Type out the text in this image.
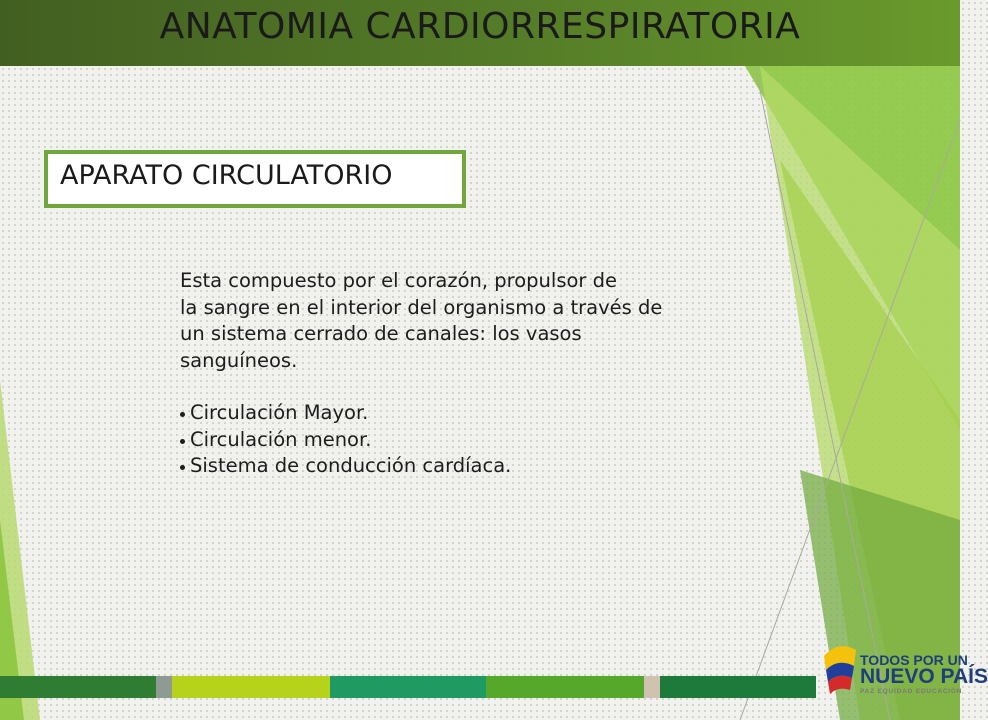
ANATOMIA CARDIORRESPIRATORIA
APARATO CIRCULATORIO

Esta compuesto por el corazón, propulsor de
la sangre en el interior del organismo a través de
un sistema cerrado de canales: los vasos
sanguíneos.

Circulación Mayor.
Circulación menor.
Sistema de conducción cardíaca.
TODOS POR UN
NUEVO PAÍS
PAZ EQUIDAD EDUCACIÓN
